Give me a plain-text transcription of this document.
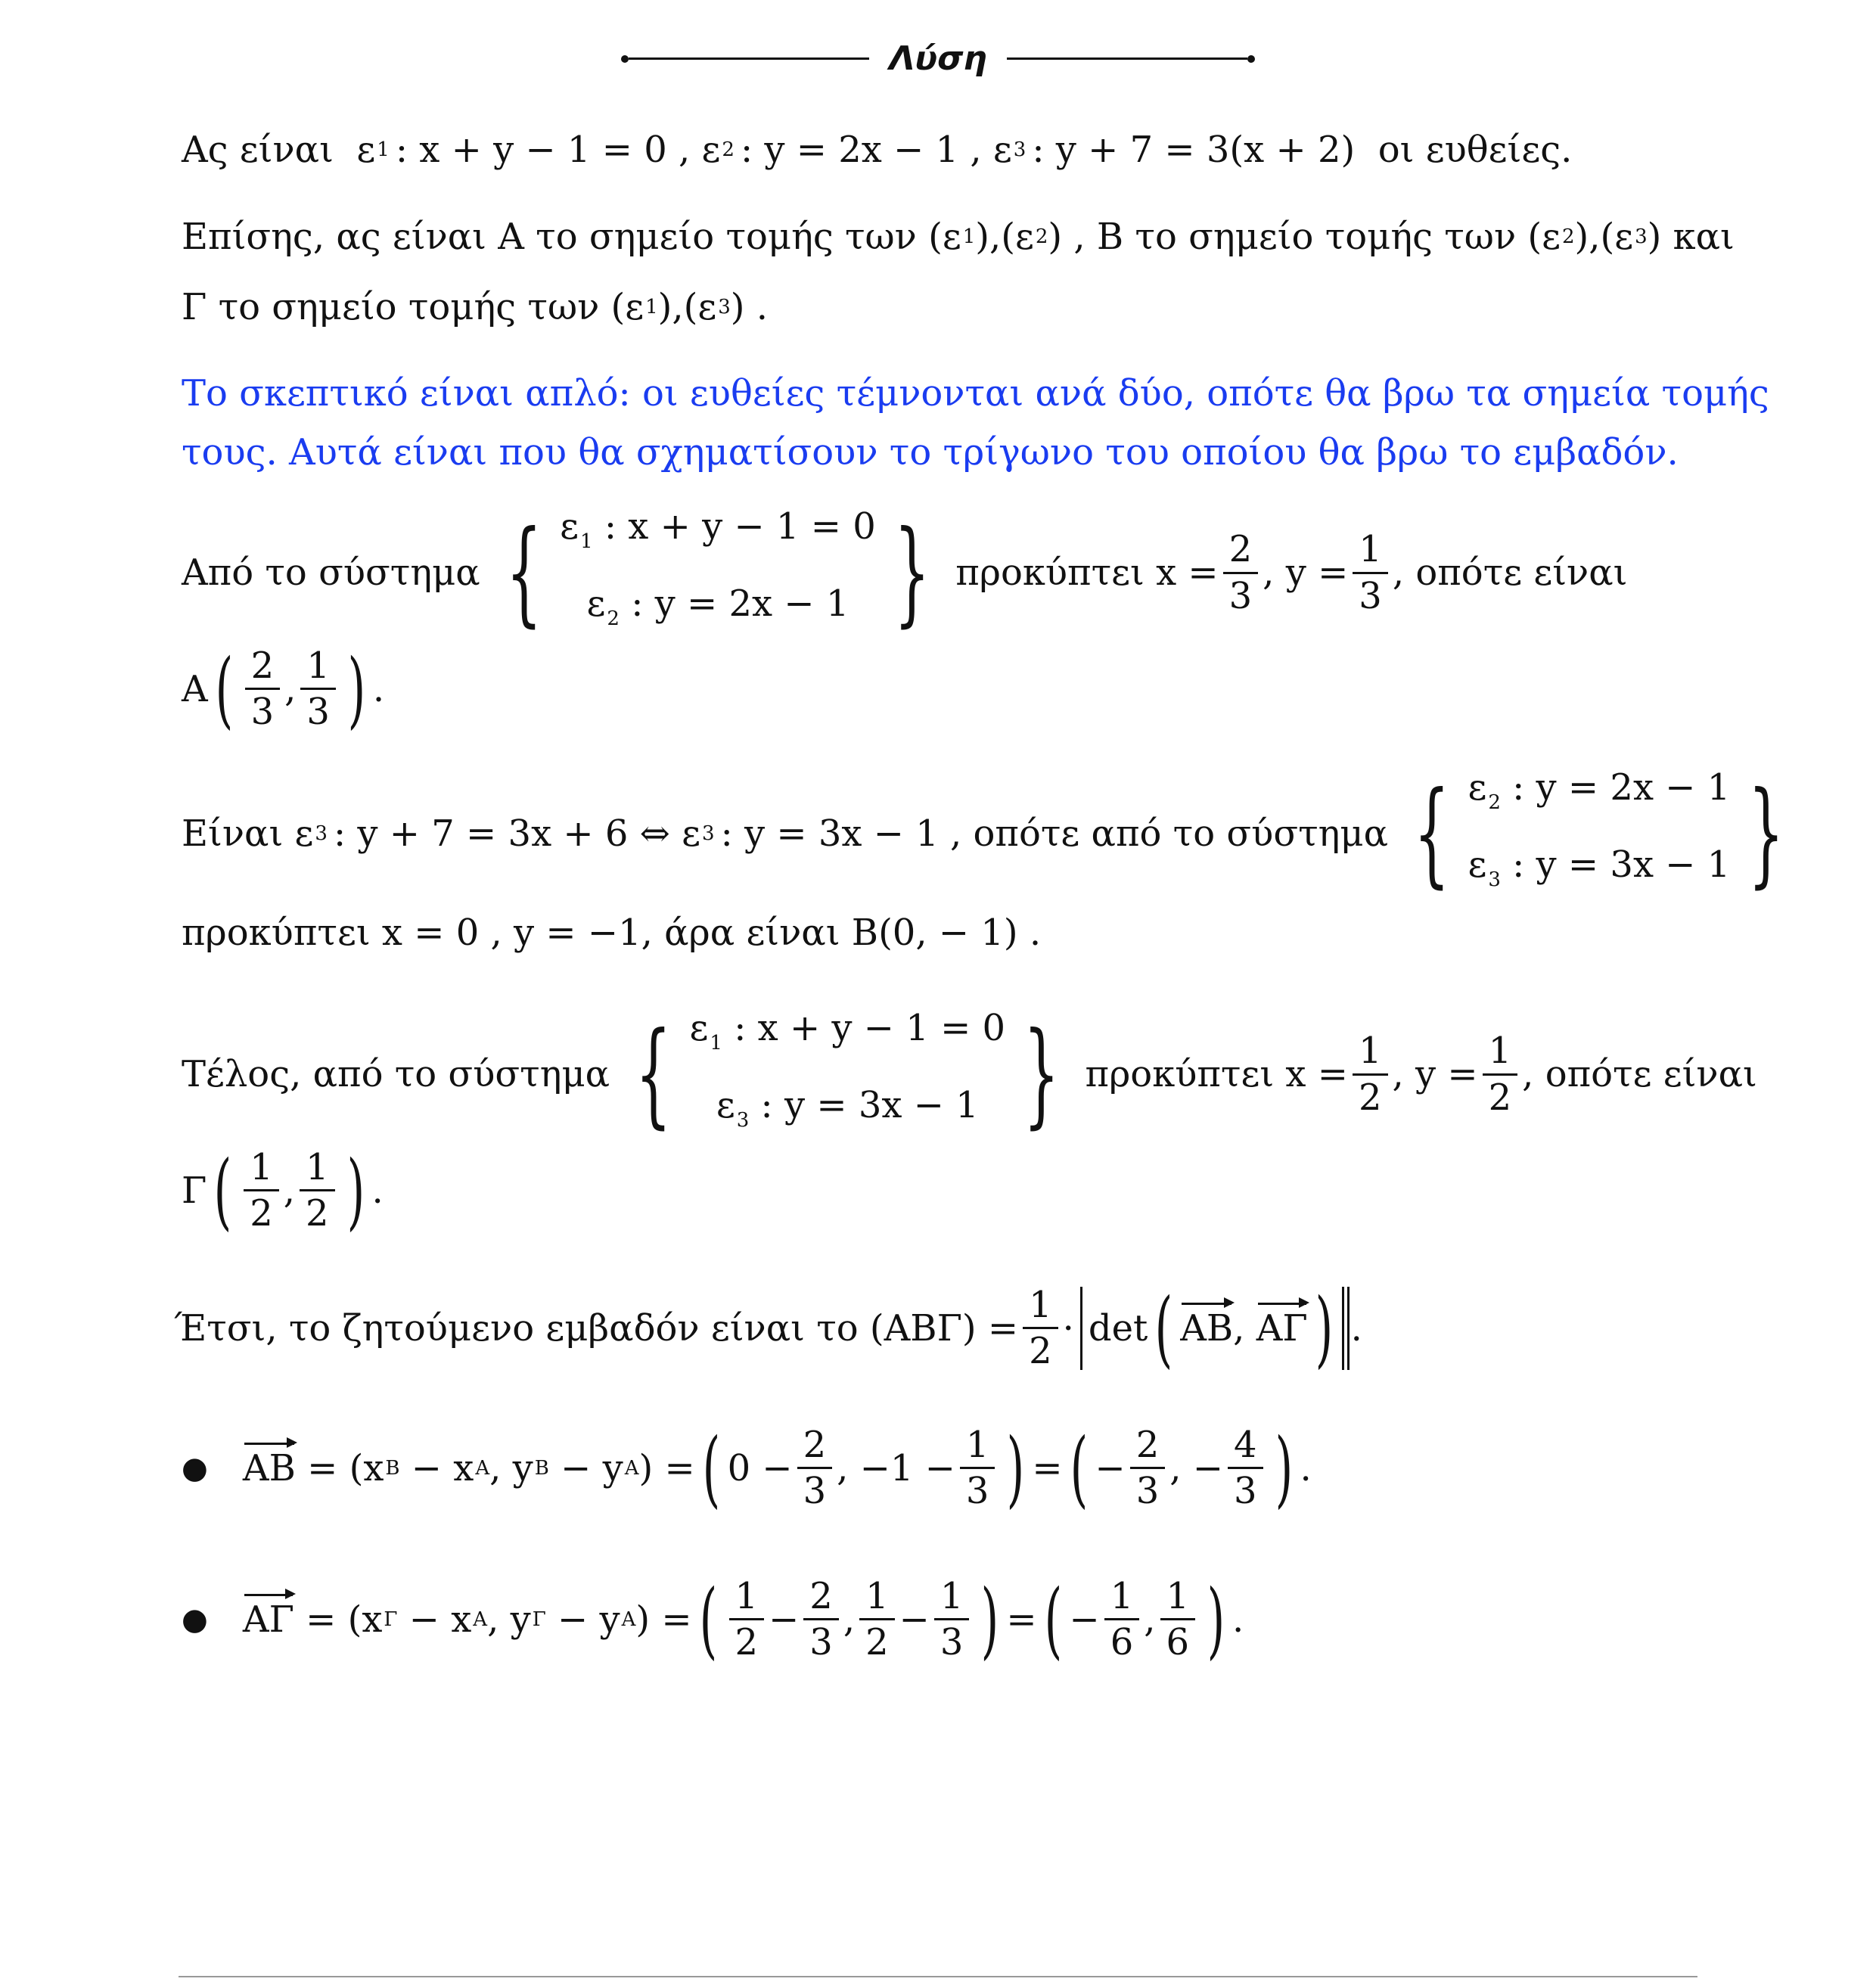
Λύση
Ας είναι
ε 1 : x + y − 1 = 0 ,
ε 2 : y = 2x − 1 ,
ε 3 : y + 7 = 3(x + 2)
οι ευθείες.
Επίσης, ας είναι A το σημείο τομής των (ε 1 ),(ε 2 ) , B το σημείο τομής των (ε 2 ),(ε 3 ) και
Γ το σημείο τομής των (ε 1 ),(ε 3 ) .
Το σκεπτικό είναι απλό: οι ευθείες τέμνονται ανά δύο, οπότε θα βρω τα σημεία τομής
τους. Αυτά είναι που θα σχηματίσουν το τρίγωνο του οποίου θα βρω το εμβαδόν.
Από το σύστημα { $\varepsilon_1$ : x + y − 1 = 0
$\varepsilon_2$ : y = 2x − 1 } προκύπτει $x = \frac{2}{3}$ , $y = \frac{1}{3}$ , οπότε είναι
A ( $\frac{2}{3}$ , $\frac{1}{3}$ ) .
Είναι
ε 3 : y + 7 = 3x + 6 ⇔
ε 3 : y = 3x − 1 , οπότε από το σύστημα { $\varepsilon_2$ : y = 2x − 1
$\varepsilon_3$ : y = 3x − 1 }
προκύπτει x = 0 , y = −1, άρα είναι B(0, − 1) .
Τέλος, από το σύστημα { $\varepsilon_1$ : x + y − 1 = 0
$\varepsilon_3$ : y = 3x − 1 } προκύπτει $x = \frac{1}{2}$ , $y = \frac{1}{2}$ , οπότε είναι
Γ ( $\frac{1}{2}$ , $\frac{1}{2}$ ) .
Έτσι, το ζητούμενο εμβαδόν είναι το $(AB\Gamma) = \frac{1}{2} \cdot \det$ ( AB , AΓ ) .
● AB
= (x B − x A , y B − y A ) = ( $0 - \frac{2}{3}$ , $-1 - \frac{1}{3}$ ) = ( − $\frac{2}{3}$ , − $\frac{4}{3}$ ) .
● AΓ
= (x Γ − x A , y Γ − y A ) = ( $\frac{1}{2} - \frac{2}{3}$ , $\frac{1}{2} - \frac{1}{3}$ ) = ( − $\frac{1}{6}$ , $\frac{1}{6}$ ) .
